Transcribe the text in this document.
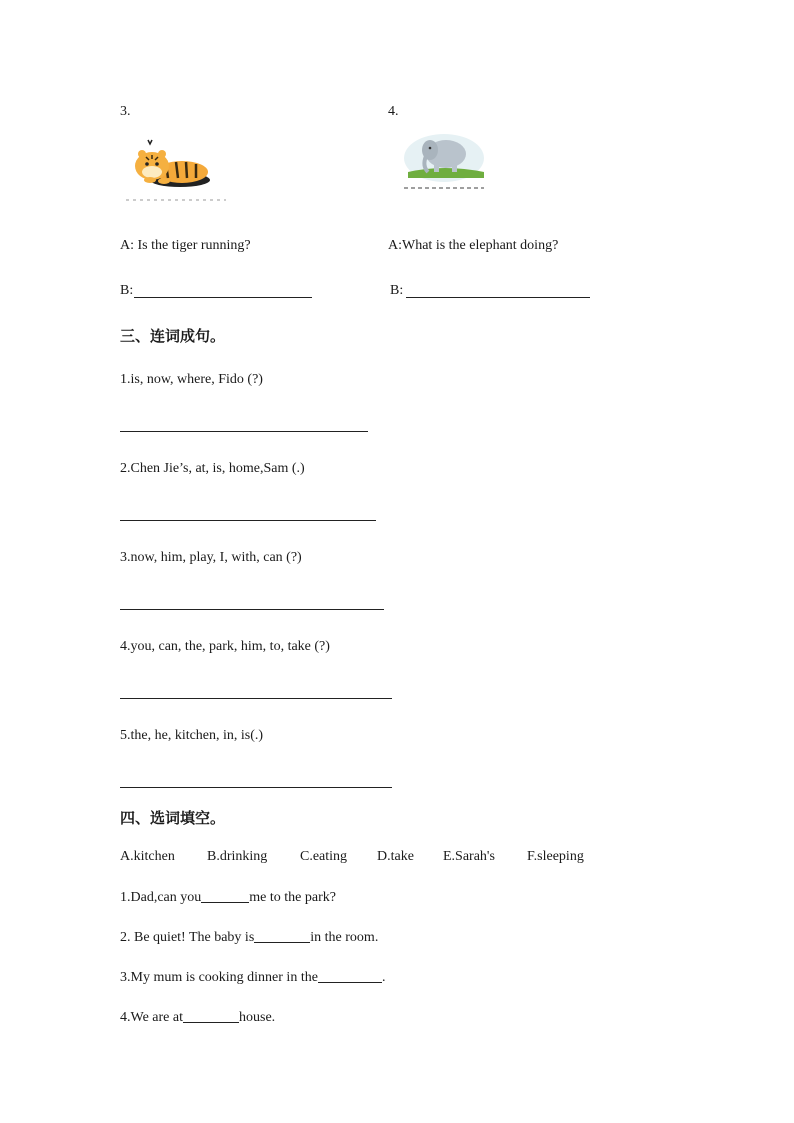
3.	4.
A: Is the tiger running?	A:What is the elephant doing?
B:	B:
三、连词成句。
1.is, now, where, Fido (?)
2.Chen Jie’s, at, is, home,Sam (.)
3.now, him, play, I, with, can (?)
4.you, can, the, park, him, to, take (?)
5.the, he, kitchen, in, is(.)
四、选词填空。
A.kitchen B.drinking C.eating D.take E.Sarah's F.sleeping
1.Dad,can you	me to the park?
2. Be quiet! The baby is	in the room.
3.My mum is cooking dinner in the	.
4.We are at	house.
